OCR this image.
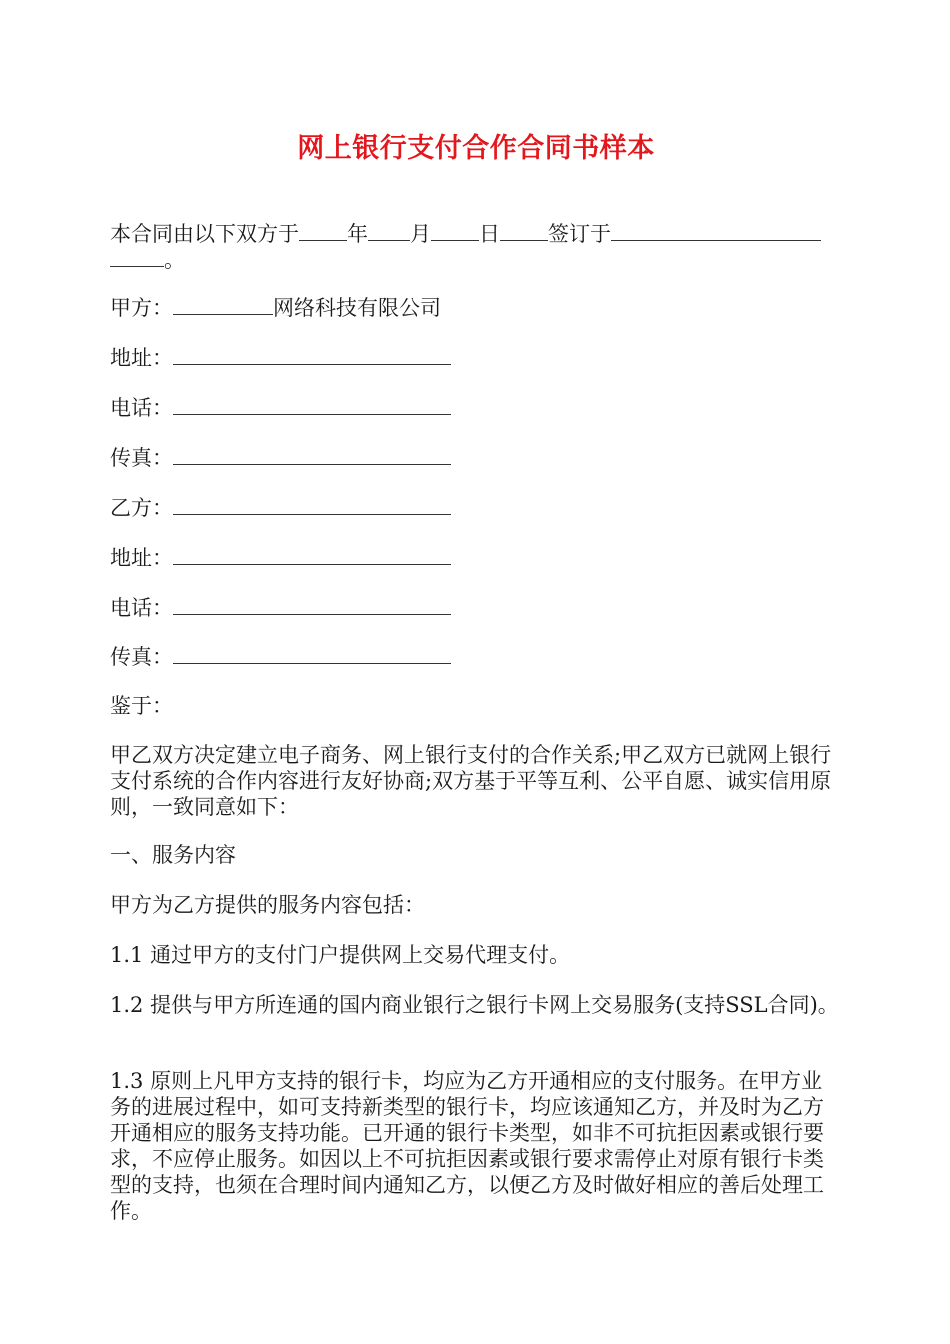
网上银行支付合作合同书样本
本合同由以下双方于 年 月 日 签订于
。
甲方：	网络科技有限公司
地址：
电话：
传真：
乙方：
地址：
电话：
传真：
鉴于：
甲乙双方决定建立电子商务、网上银行支付的合作关系;甲乙双方已就网上银行支付系统的合作内容进行友好协商;双方基于平等互利、公平自愿、诚实信用原则，一致同意如下：
一、服务内容
甲方为乙方提供的服务内容包括：
1.1 通过甲方的支付门户提供网上交易代理支付。
1.2 提供与甲方所连通的国内商业银行之银行卡网上交易服务(支持SSL合同)。
1.3 原则上凡甲方支持的银行卡，均应为乙方开通相应的支付服务。在甲方业务的进展过程中，如可支持新类型的银行卡，均应该通知乙方，并及时为乙方开通相应的服务支持功能。已开通的银行卡类型，如非不可抗拒因素或银行要求，不应停止服务。如因以上不可抗拒因素或银行要求需停止对原有银行卡类型的支持，也须在合理时间内通知乙方，以便乙方及时做好相应的善后处理工作。
